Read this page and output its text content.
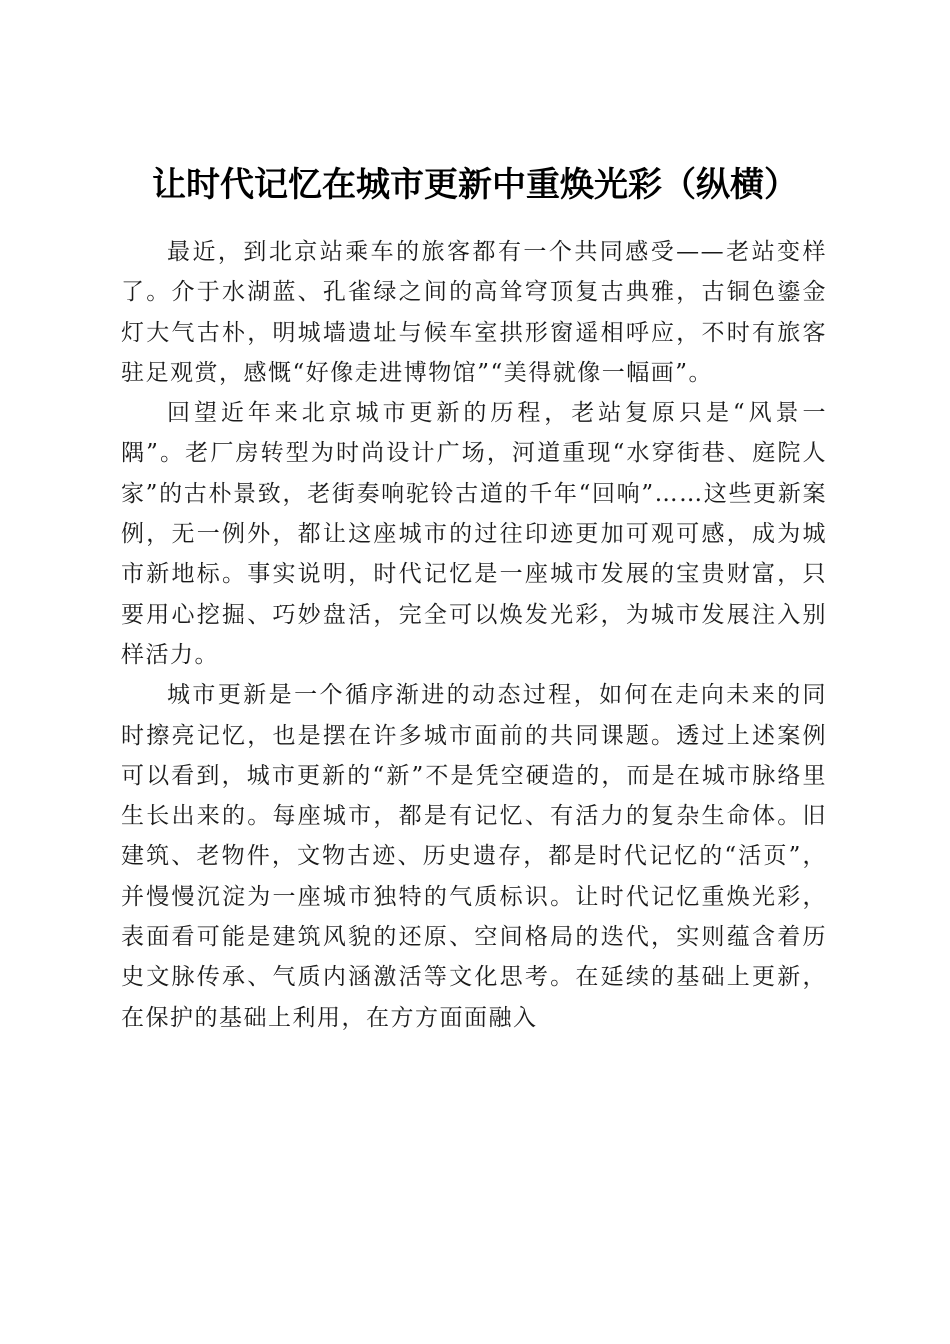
让时代记忆在城市更新中重焕光彩（纵横）

最近，到北京站乘车的旅客都有一个共同感受——老站变样了。介于水湖蓝、孔雀绿之间的高耸穹顶复古典雅，古铜色鎏金灯大气古朴，明城墙遗址与候车室拱形窗遥相呼应，不时有旅客驻足观赏，感慨“好像走进博物馆”“美得就像一幅画”。

回望近年来北京城市更新的历程，老站复原只是“风景一隅”。老厂房转型为时尚设计广场，河道重现“水穿街巷、庭院人家”的古朴景致，老街奏响驼铃古道的千年“回响”……这些更新案例，无一例外，都让这座城市的过往印迹更加可观可感，成为城市新地标。事实说明，时代记忆是一座城市发展的宝贵财富，只要用心挖掘、巧妙盘活，完全可以焕发光彩，为城市发展注入别样活力。

城市更新是一个循序渐进的动态过程，如何在走向未来的同时擦亮记忆，也是摆在许多城市面前的共同课题。透过上述案例可以看到，城市更新的“新”不是凭空硬造的，而是在城市脉络里生长出来的。每座城市，都是有记忆、有活力的复杂生命体。旧建筑、老物件，文物古迹、历史遗存，都是时代记忆的“活页”，并慢慢沉淀为一座城市独特的气质标识。让时代记忆重焕光彩，表面看可能是建筑风貌的还原、空间格局的迭代，实则蕴含着历史文脉传承、气质内涵激活等文化思考。在延续的基础上更新，在保护的基础上利用，在方方面面融入
